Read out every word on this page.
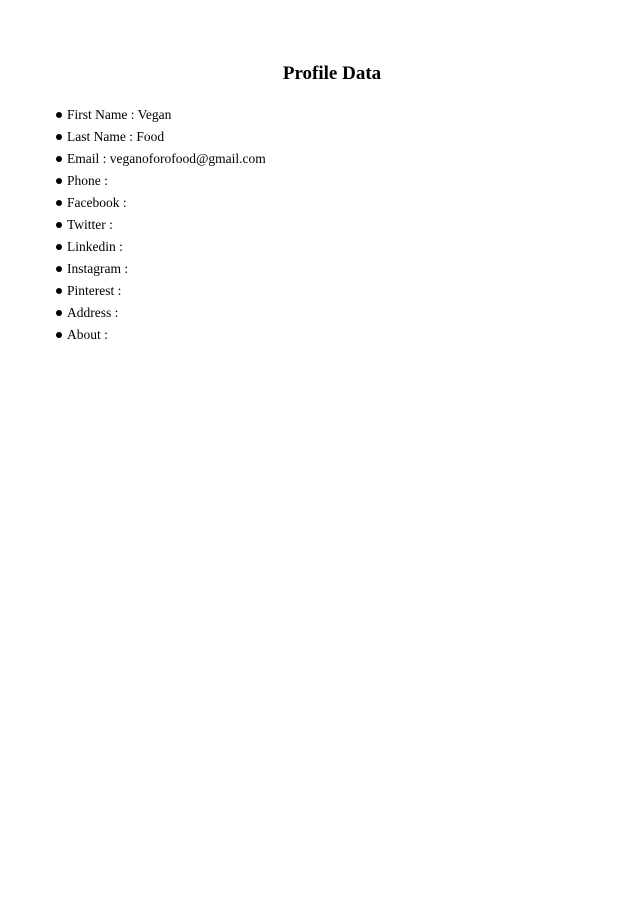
Profile Data
First Name : Vegan
Last Name : Food
Email : veganoforofood@gmail.com
Phone :
Facebook :
Twitter :
Linkedin :
Instagram :
Pinterest :
Address :
About :
